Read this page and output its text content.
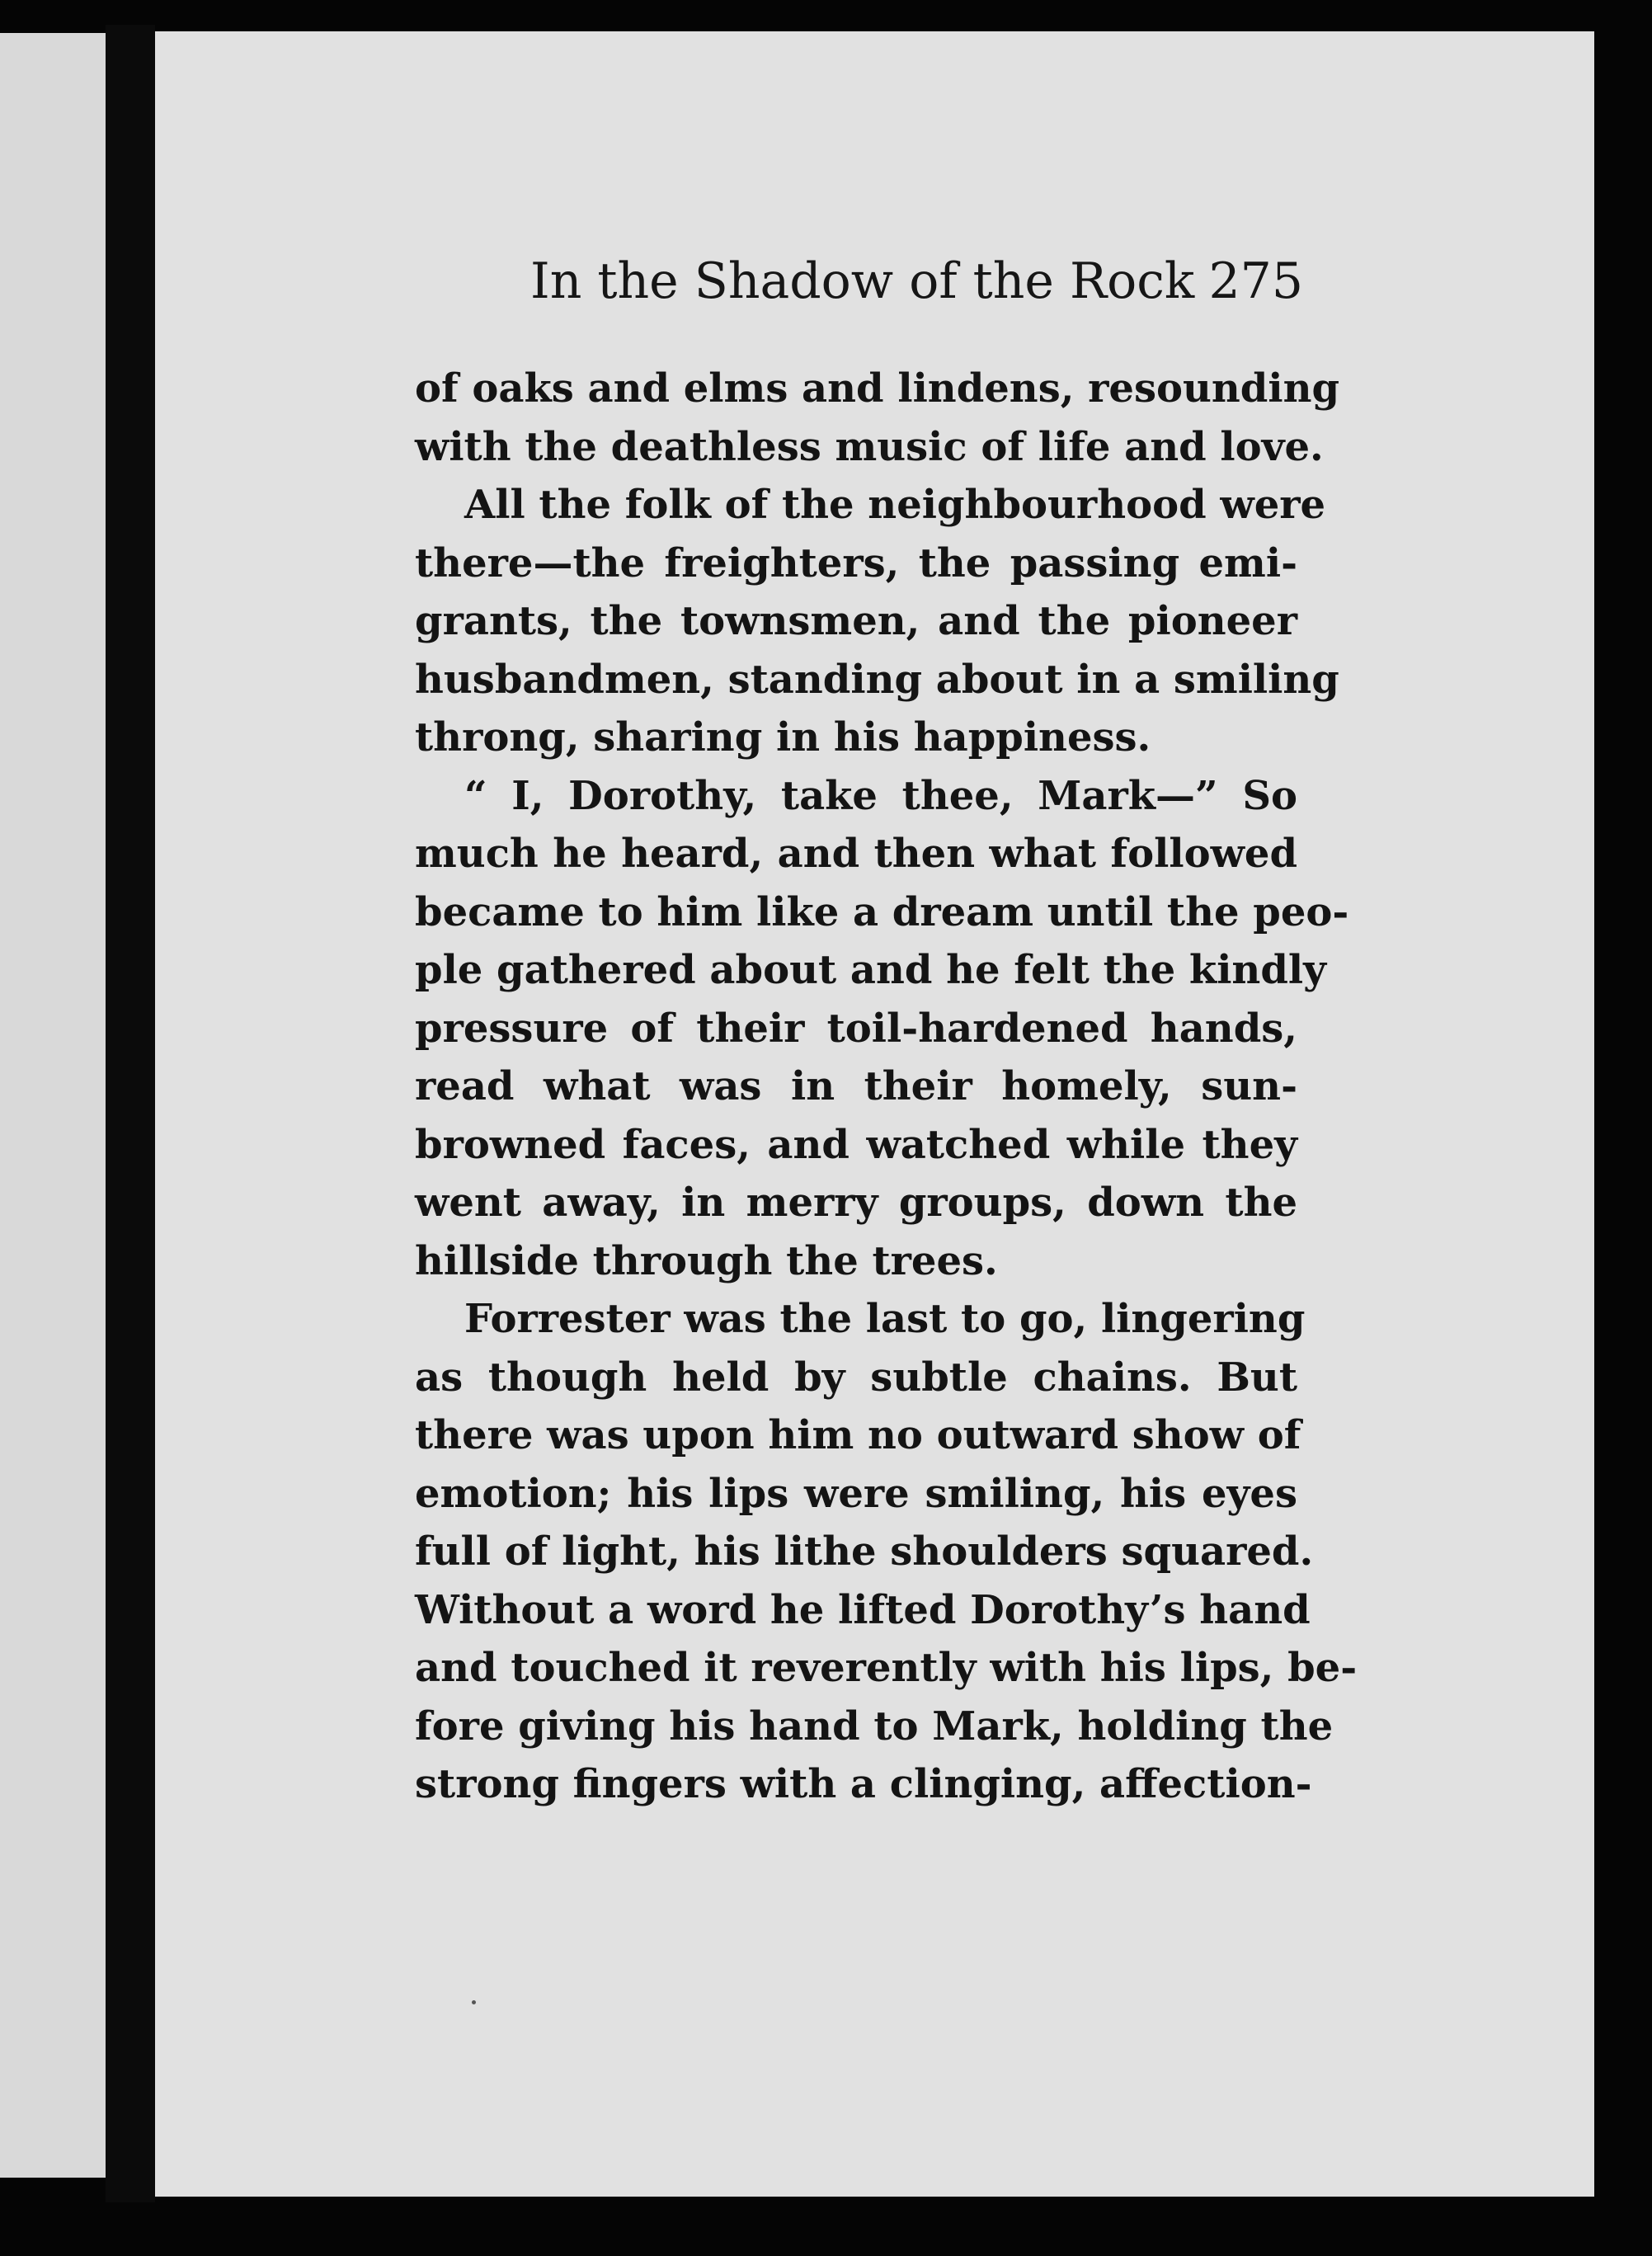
In the Shadow of the Rock 275
of oaks and elms and lindens, resounding
with the deathless music of life and love.
All the folk of the neighbourhood were
there—the freighters, the passing emi-
grants, the townsmen, and the pioneer
husbandmen, standing about in a smiling
throng, sharing in his happiness.
“ I, Dorothy, take thee, Mark—” So
much he heard, and then what followed
became to him like a dream until the peo-
ple gathered about and he felt the kindly
pressure of their toil-hardened hands,
read what was in their homely, sun-
browned faces, and watched while they
went away, in merry groups, down the
hillside through the trees.
Forrester was the last to go, lingering
as though held by subtle chains. But
there was upon him no outward show of
emotion; his lips were smiling, his eyes
full of light, his lithe shoulders squared.
Without a word he lifted Dorothy’s hand
and touched it reverently with his lips, be-
fore giving his hand to Mark, holding the
strong fingers with a clinging, affection-
